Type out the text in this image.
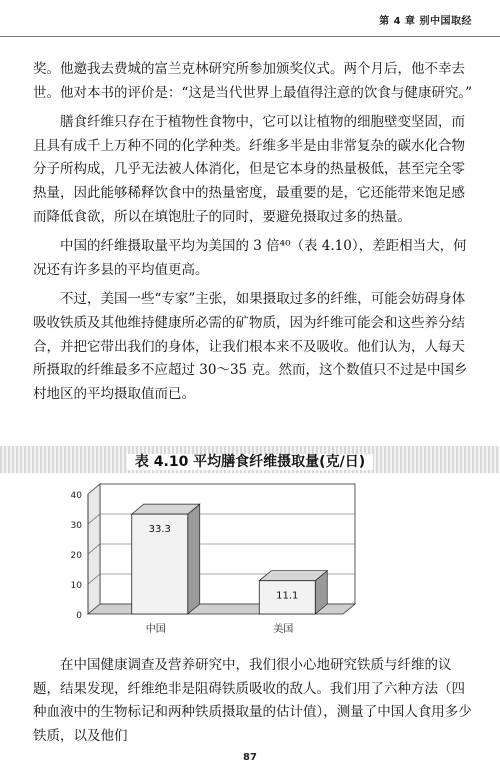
第 4 章 别中国取经

奖。他邀我去费城的富兰克林研究所参加颁奖仪式。两个月后，他不幸去世。他对本书的评价是：“这是当代世界上最值得注意的饮食与健康研究。”

膳食纤维只存在于植物性食物中，它可以让植物的细胞壁变坚固，而且具有成千上万种不同的化学种类。纤维多半是由非常复杂的碳水化合物分子所构成，几乎无法被人体消化，但是它本身的热量极低，甚至完全零热量，因此能够稀释饮食中的热量密度，最重要的是，它还能带来饱足感而降低食欲，所以在填饱肚子的同时，要避免摄取过多的热量。

中国的纤维摄取量平均为美国的 3 倍⁴⁰（表 4.10），差距相当大，何况还有许多县的平均值更高。

不过，美国一些“专家”主张，如果摄取过多的纤维，可能会妨碍身体吸收铁质及其他维持健康所必需的矿物质，因为纤维可能会和这些养分结合，并把它带出我们的身体，让我们根本来不及吸收。他们认为，人每天所摄取的纤维最多不应超过 30～35 克。然而，这个数值只不过是中国乡村地区的平均摄取值而已。

表 4.10 平均膳食纤维摄取量(克/日)
0
10
20
30
40
33.3
中国
11.1
美国

在中国健康调查及营养研究中，我们很小心地研究铁质与纤维的议题，结果发现，纤维绝非是阻碍铁质吸收的敌人。我们用了六种方法（四种血液中的生物标记和两种铁质摄取量的估计值），测量了中国人食用多少铁质，以及他们

87
